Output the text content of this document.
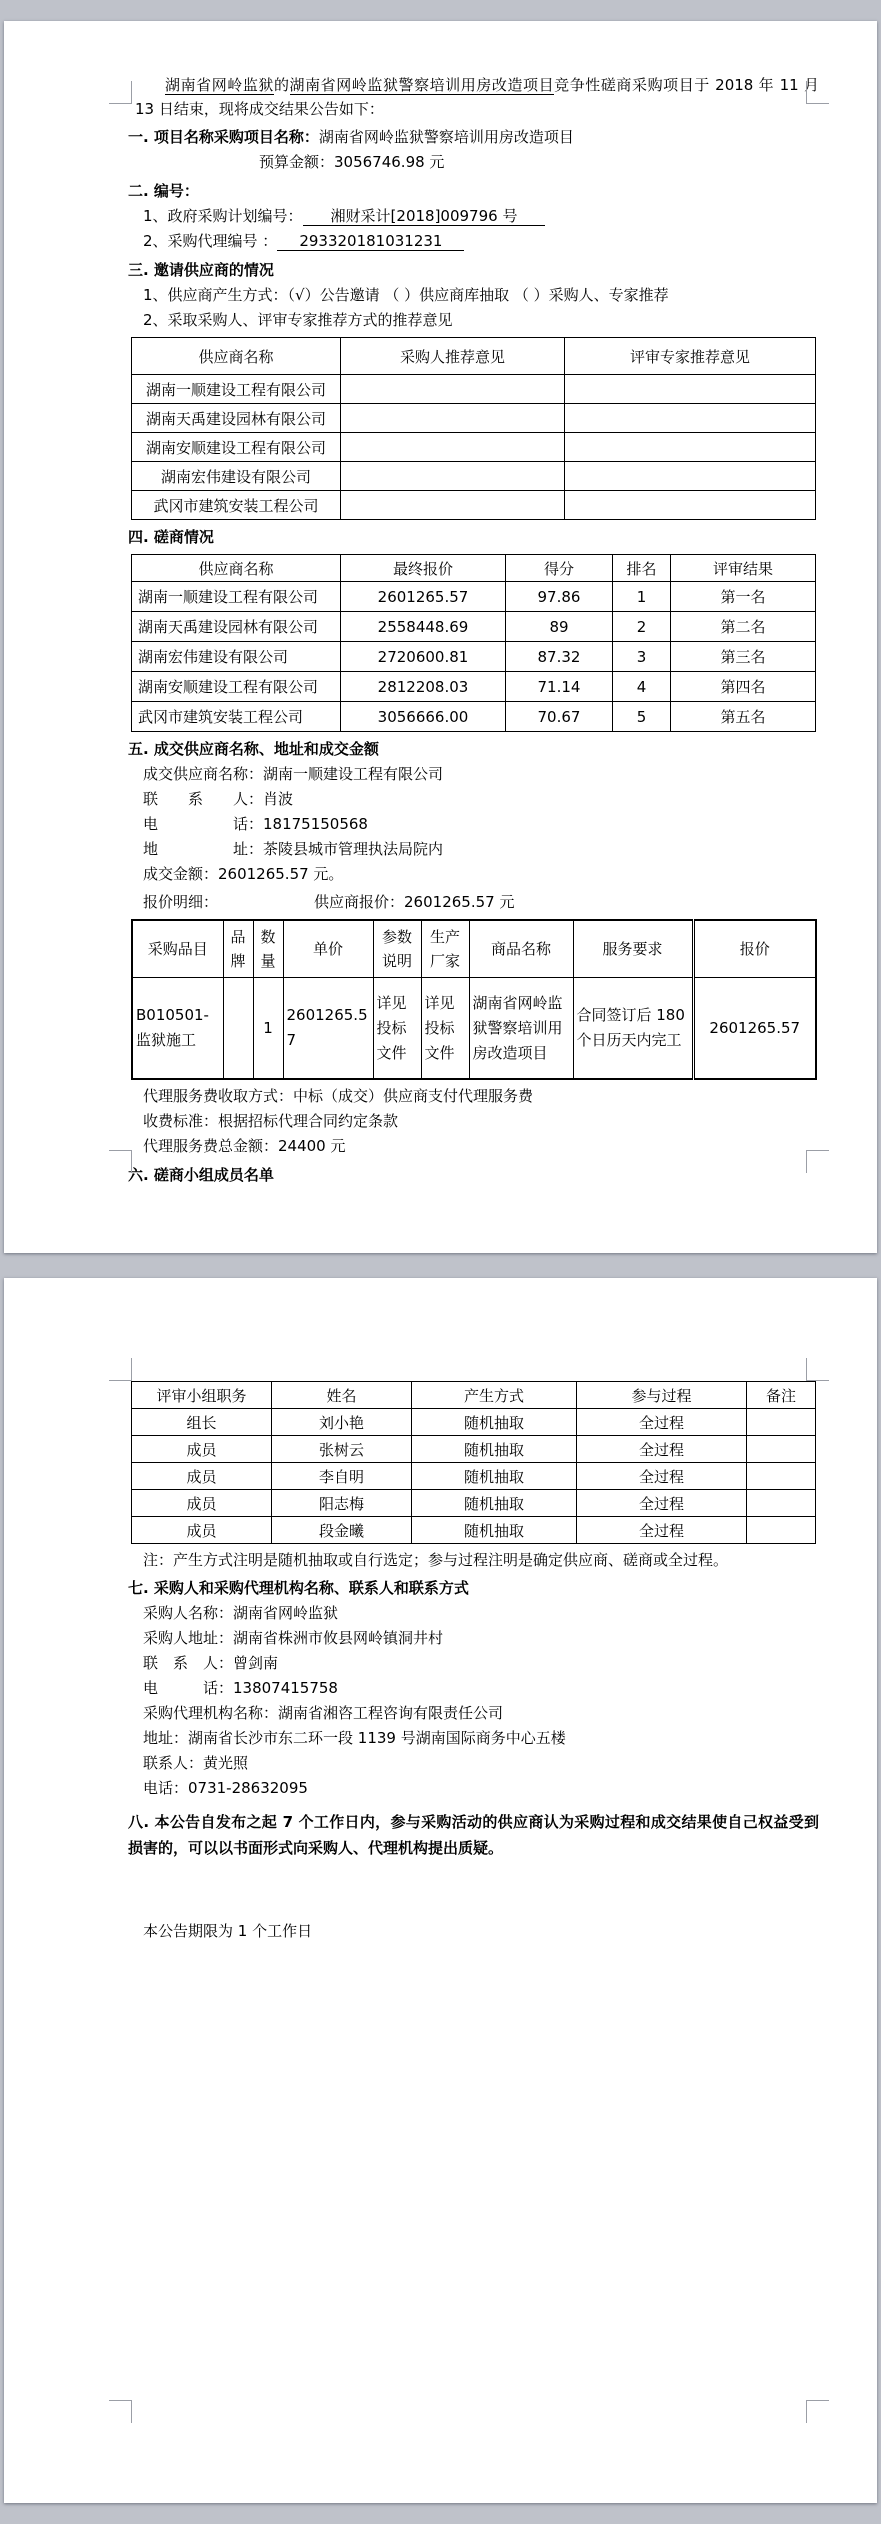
湖南省网岭监狱的湖南省网岭监狱警察培训用房改造项目竞争性磋商采购项目于 2018 年 11 月 13 日结束，现将成交结果公告如下：

一. 项目名称采购项目名称：湖南省网岭监狱警察培训用房改造项目

预算金额：3056746.98 元

二. 编号：

1、政府采购计划编号： 湘财采计[2018]009796 号

2、采购代理编号 ： 293320181031231

三. 邀请供应商的情况

1、供应商产生方式：（√）公告邀请 （ ）供应商库抽取 （ ）采购人、专家推荐

2、采取采购人、评审专家推荐方式的推荐意见

供应商名称	采购人推荐意见	评审专家推荐意见
湖南一顺建设工程有限公司		
湖南天禹建设园林有限公司		
湖南安顺建设工程有限公司		
湖南宏伟建设有限公司		
武冈市建筑安装工程公司		

四. 磋商情况

供应商名称	最终报价	得分	排名	评审结果
湖南一顺建设工程有限公司	2601265.57	97.86	1	第一名
湖南天禹建设园林有限公司	2558448.69	89	2	第二名
湖南宏伟建设有限公司	2720600.81	87.32	3	第三名
湖南安顺建设工程有限公司	2812208.03	71.14	4	第四名
武冈市建筑安装工程公司	3056666.00	70.67	5	第五名

五. 成交供应商名称、地址和成交金额

成交供应商名称：湖南一顺建设工程有限公司

联　　系　　人：肖波

电　　　　　话：18175150568

地　　　　　址：茶陵县城市管理执法局院内

成交金额：2601265.57 元。

报价明细：	供应商报价：2601265.57 元

采购品目	品牌	数量	单价	参数说明	生产厂家	商品名称	服务要求	报价
B010501-监狱施工		1	2601265.57	详见投标文件	详见投标文件	湖南省网岭监狱警察培训用房改造项目	合同签订后 180 个日历天内完工	2601265.57

代理服务费收取方式：中标（成交）供应商支付代理服务费

收费标准：根据招标代理合同约定条款

代理服务费总金额：24400 元

六. 磋商小组成员名单

评审小组职务	姓名	产生方式	参与过程	备注
组长	刘小艳	随机抽取	全过程	
成员	张树云	随机抽取	全过程	
成员	李自明	随机抽取	全过程	
成员	阳志梅	随机抽取	全过程	
成员	段金曦	随机抽取	全过程	

注：产生方式注明是随机抽取或自行选定；参与过程注明是确定供应商、磋商或全过程。

七. 采购人和采购代理机构名称、联系人和联系方式

采购人名称：湖南省网岭监狱

采购人地址：湖南省株洲市攸县网岭镇洞井村

联　系　人：曾剑南

电　　　话：13807415758

采购代理机构名称：湖南省湘咨工程咨询有限责任公司

地址：湖南省长沙市东二环一段 1139 号湖南国际商务中心五楼

联系人：黄光照

电话：0731-28632095

八. 本公告自发布之起 7 个工作日内，参与采购活动的供应商认为采购过程和成交结果使自己权益受到损害的，可以以书面形式向采购人、代理机构提出质疑。

本公告期限为 1 个工作日
